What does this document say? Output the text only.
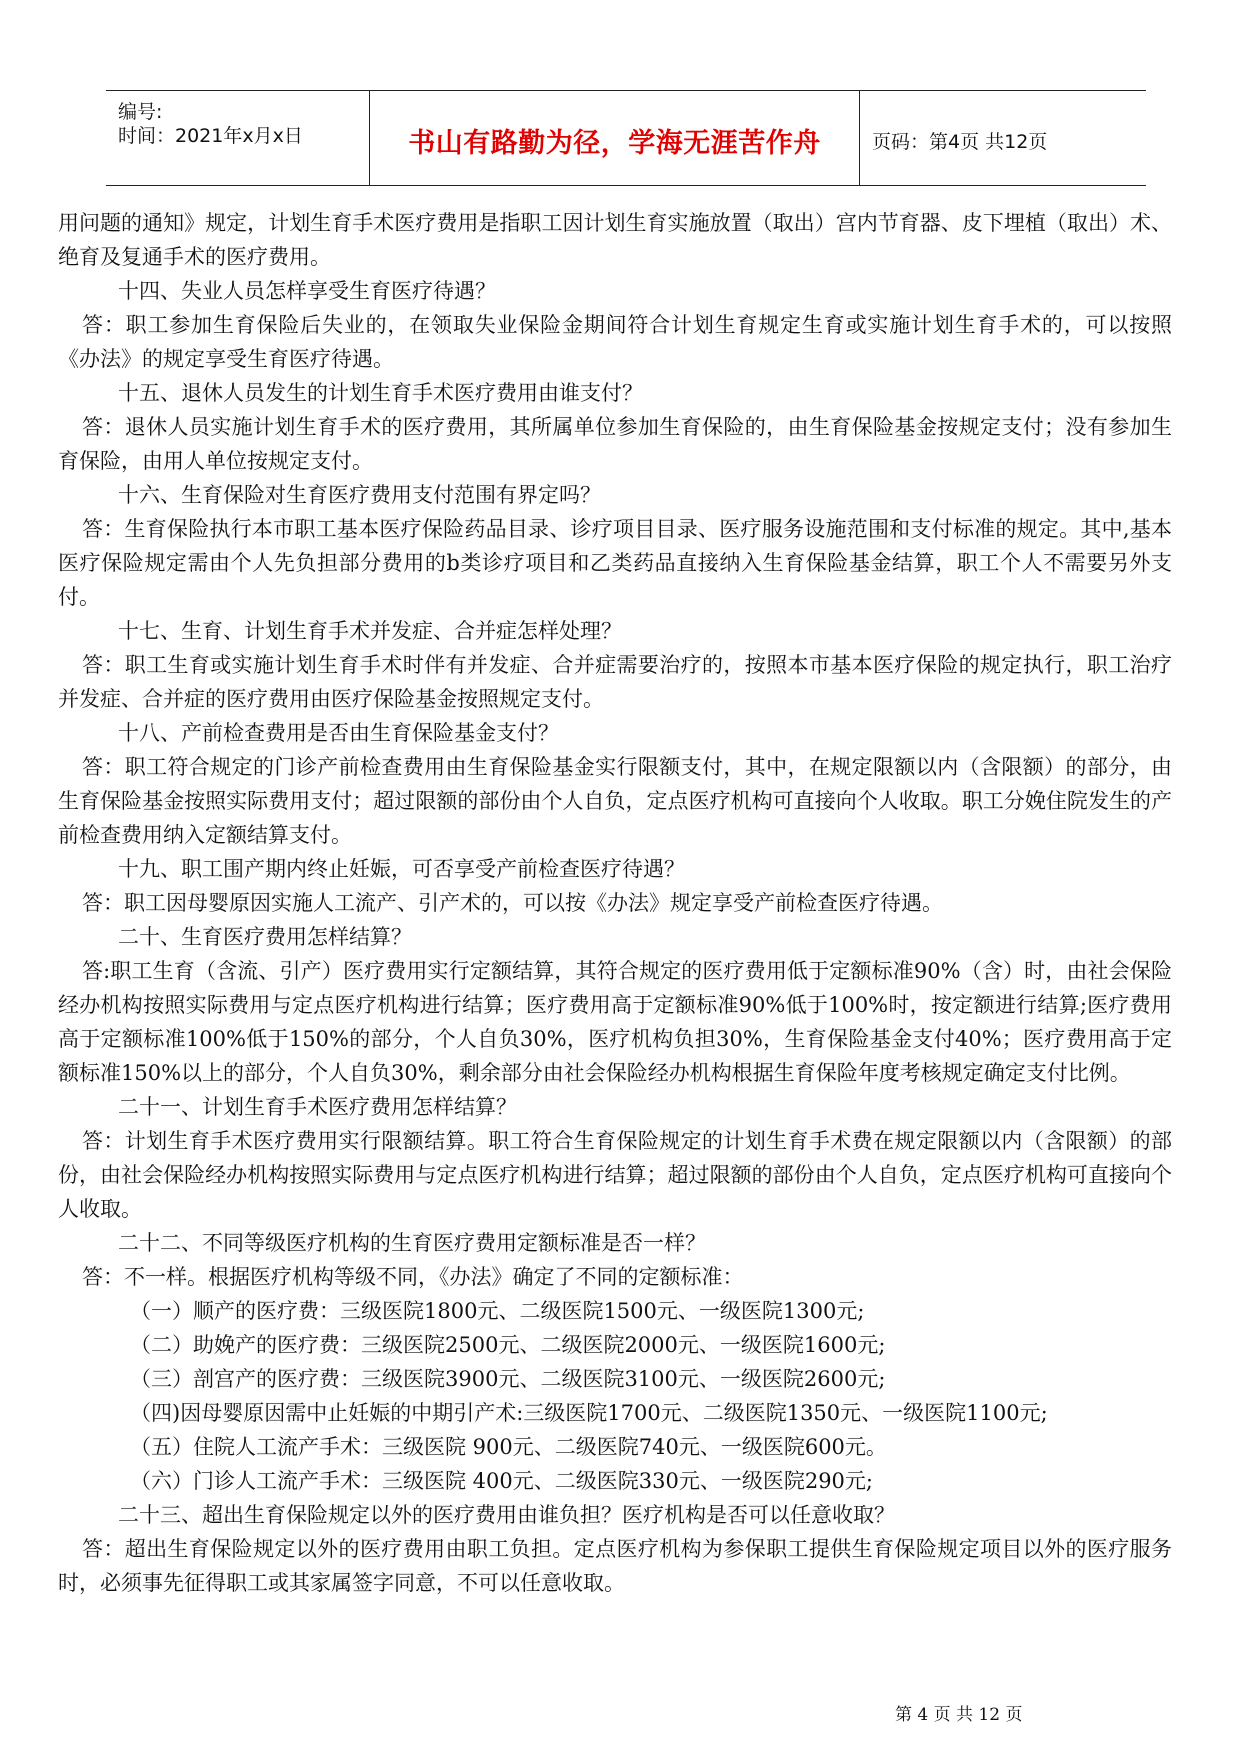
编号:
时间：2021年x月x日	书山有路勤为径，学海无涯苦作舟	页码：第4页 共12页

用问题的通知》规定，计划生育手术医疗费用是指职工因计划生育实施放置（取出）宫内节育器、皮下埋植（取出）术、绝育及复通手术的医疗费用。

十四、失业人员怎样享受生育医疗待遇？

答：职工参加生育保险后失业的，在领取失业保险金期间符合计划生育规定生育或实施计划生育手术的，可以按照《办法》的规定享受生育医疗待遇。

十五、退休人员发生的计划生育手术医疗费用由谁支付？

答：退休人员实施计划生育手术的医疗费用，其所属单位参加生育保险的，由生育保险基金按规定支付；没有参加生育保险，由用人单位按规定支付。

十六、生育保险对生育医疗费用支付范围有界定吗？

答：生育保险执行本市职工基本医疗保险药品目录、诊疗项目目录、医疗服务设施范围和支付标准的规定。其中,基本医疗保险规定需由个人先负担部分费用的b类诊疗项目和乙类药品直接纳入生育保险基金结算，职工个人不需要另外支付。

十七、生育、计划生育手术并发症、合并症怎样处理？

答：职工生育或实施计划生育手术时伴有并发症、合并症需要治疗的，按照本市基本医疗保险的规定执行，职工治疗并发症、合并症的医疗费用由医疗保险基金按照规定支付。

十八、产前检查费用是否由生育保险基金支付？

答：职工符合规定的门诊产前检查费用由生育保险基金实行限额支付，其中，在规定限额以内（含限额）的部分，由生育保险基金按照实际费用支付；超过限额的部份由个人自负，定点医疗机构可直接向个人收取。职工分娩住院发生的产前检查费用纳入定额结算支付。

十九、职工围产期内终止妊娠，可否享受产前检查医疗待遇？

答：职工因母婴原因实施人工流产、引产术的，可以按《办法》规定享受产前检查医疗待遇。

二十、生育医疗费用怎样结算？

答:职工生育（含流、引产）医疗费用实行定额结算，其符合规定的医疗费用低于定额标准90%（含）时，由社会保险经办机构按照实际费用与定点医疗机构进行结算；医疗费用高于定额标准90%低于100%时，按定额进行结算;医疗费用高于定额标准100%低于150%的部分，个人自负30%，医疗机构负担30%，生育保险基金支付40%；医疗费用高于定额标准150%以上的部分，个人自负30%，剩余部分由社会保险经办机构根据生育保险年度考核规定确定支付比例。

二十一、计划生育手术医疗费用怎样结算？

答：计划生育手术医疗费用实行限额结算。职工符合生育保险规定的计划生育手术费在规定限额以内（含限额）的部份，由社会保险经办机构按照实际费用与定点医疗机构进行结算；超过限额的部份由个人自负，定点医疗机构可直接向个人收取。

二十二、不同等级医疗机构的生育医疗费用定额标准是否一样？

答：不一样。根据医疗机构等级不同，《办法》确定了不同的定额标准：

（一）顺产的医疗费：三级医院1800元、二级医院1500元、一级医院1300元;

（二）助娩产的医疗费：三级医院2500元、二级医院2000元、一级医院1600元;

（三）剖宫产的医疗费：三级医院3900元、二级医院3100元、一级医院2600元;

（四)因母婴原因需中止妊娠的中期引产术:三级医院1700元、二级医院1350元、一级医院1100元;

（五）住院人工流产手术：三级医院 900元、二级医院740元、一级医院600元。

（六）门诊人工流产手术：三级医院 400元、二级医院330元、一级医院290元;

二十三、超出生育保险规定以外的医疗费用由谁负担？医疗机构是否可以任意收取？

答：超出生育保险规定以外的医疗费用由职工负担。定点医疗机构为参保职工提供生育保险规定项目以外的医疗服务时，必须事先征得职工或其家属签字同意，不可以任意收取。

第 4 页 共 12 页
